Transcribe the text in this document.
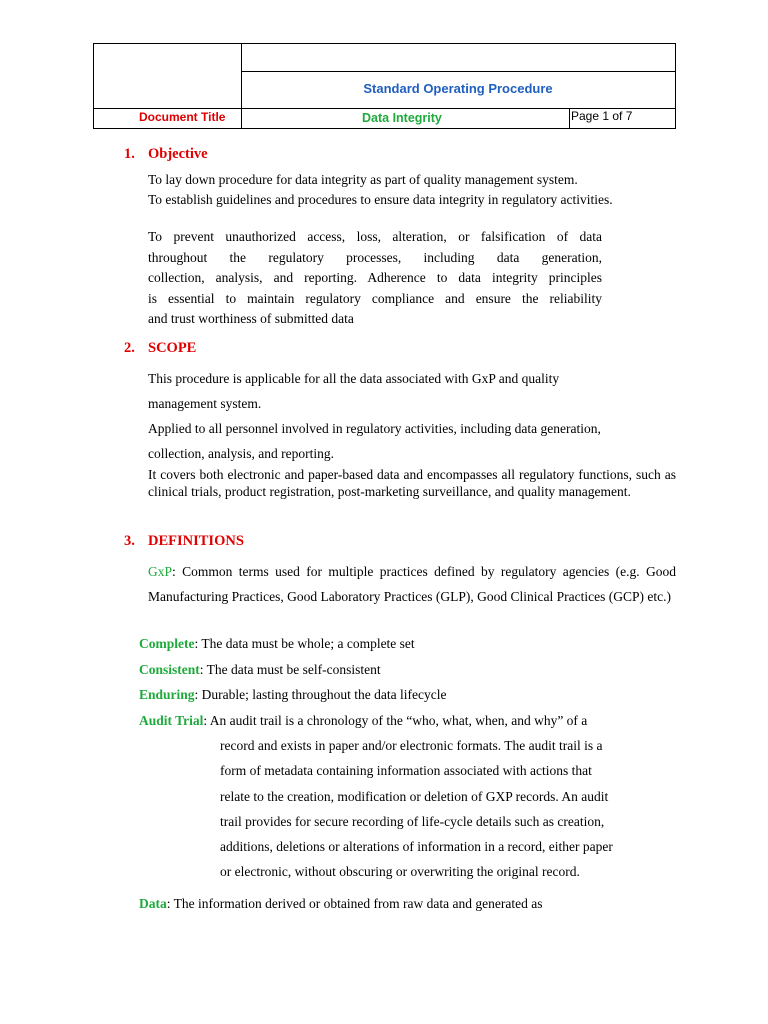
Standard Operating Procedure
Document Title	Data Integrity	Page 1 of 7
1. Objective
To lay down procedure for data integrity as part of quality management system.
To establish guidelines and procedures to ensure data integrity in regulatory activities.
To prevent unauthorized access, loss, alteration, or falsification of data
throughout the regulatory processes, including data generation,
collection, analysis, and reporting. Adherence to data integrity principles
is essential to maintain regulatory compliance and ensure the reliability
and trust worthiness of submitted data
2. SCOPE
This procedure is applicable for all the data associated with GxP and quality
management system.
Applied to all personnel involved in regulatory activities, including data generation,
collection, analysis, and reporting.
It covers both electronic and paper-based data and encompasses all regulatory functions, such as clinical trials, product registration, post-marketing surveillance, and quality management.
3. DEFINITIONS
GxP: Common terms used for multiple practices defined by regulatory agencies (e.g. Good Manufacturing Practices, Good Laboratory Practices (GLP), Good Clinical Practices (GCP) etc.)
Complete: The data must be whole; a complete set
Consistent: The data must be self-consistent
Enduring: Durable; lasting throughout the data lifecycle
Audit Trial: An audit trail is a chronology of the “who, what, when, and why” of a
record and exists in paper and/or electronic formats. The audit trail is a
form of metadata containing information associated with actions that
relate to the creation, modification or deletion of GXP records. An audit
trail provides for secure recording of life-cycle details such as creation,
additions, deletions or alterations of information in a record, either paper
or electronic, without obscuring or overwriting the original record.
Data: The information derived or obtained from raw data and generated as
